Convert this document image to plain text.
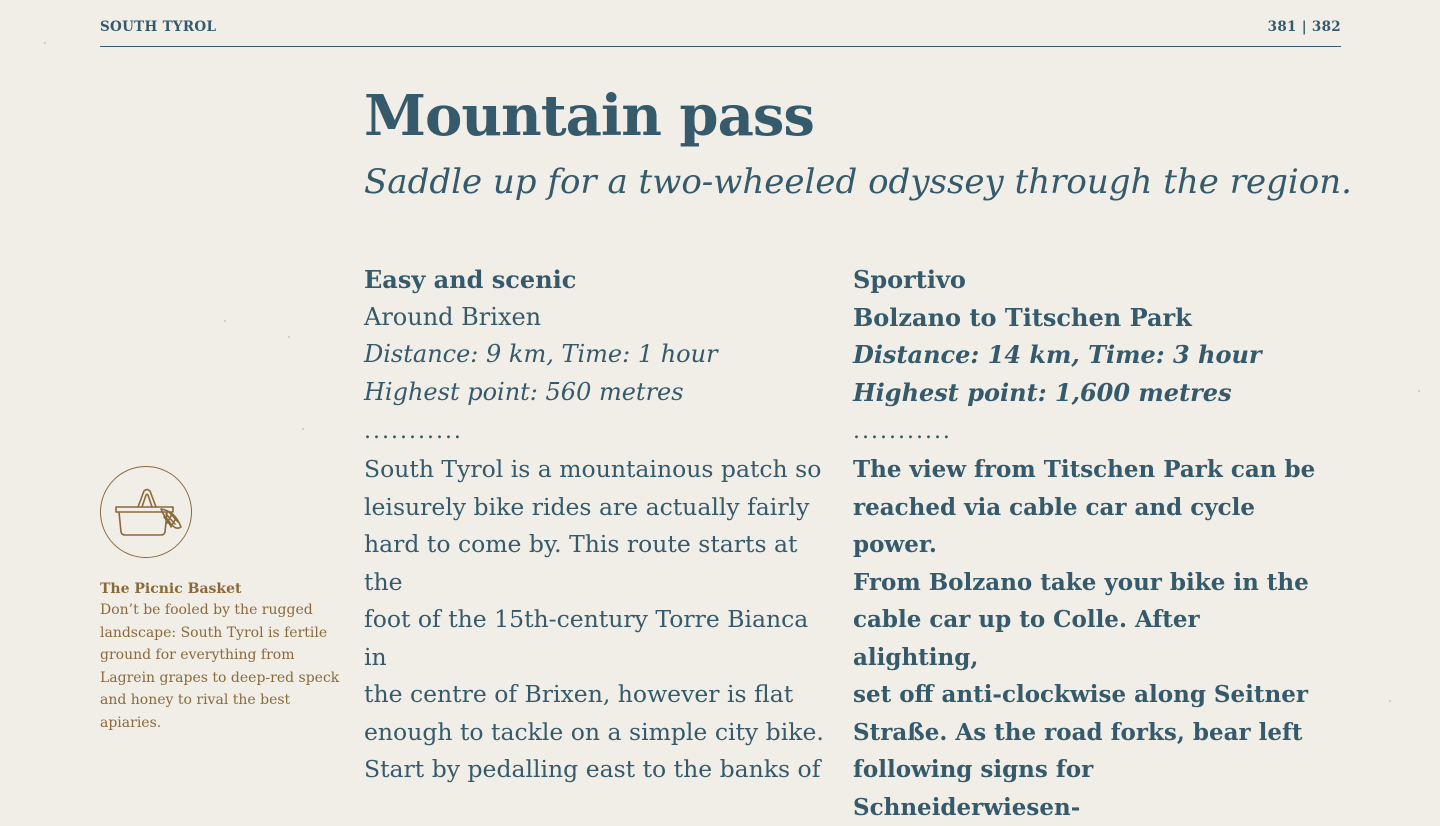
SOUTH TYROL	381 | 382
Mountain pass
Saddle up for a two-wheeled odyssey through the region.
Easy and scenic
Around Brixen
Distance: 9 km, Time: 1 hour
Highest point: 560 metres
...........
South Tyrol is a mountainous patch so
leisurely bike rides are actually fairly
hard to come by. This route starts at the
foot of the 15th-century Torre Bianca in
the centre of Brixen, however is flat
enough to tackle on a simple city bike.
Start by pedalling east to the banks of
Sportivo
Bolzano to Titschen Park
Distance: 14 km, Time: 3 hour
Highest point: 1,600 metres
...........
The view from Titschen Park can be
reached via cable car and cycle power.
From Bolzano take your bike in the
cable car up to Colle. After alighting,
set off anti-clockwise along Seitner
Straße. As the road forks, bear left
following signs for Schneiderwiesen-
The Picnic Basket
Don’t be fooled by the rugged
landscape: South Tyrol is fertile
ground for everything from
Lagrein grapes to deep-red speck
and honey to rival the best apiaries.
